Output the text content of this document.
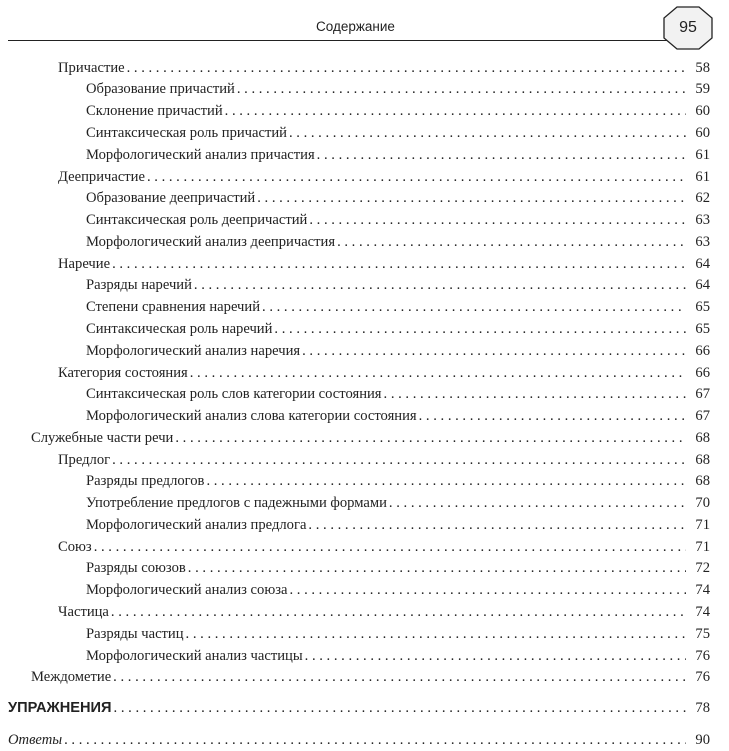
Содержание	95
Причастие . . .	58
Образование причастий . . .	59
Склонение причастий . . .	60
Синтаксическая роль причастий . . .	60
Морфологический анализ причастия . . .	61
Деепричастие . . .	61
Образование деепричастий . . .	62
Синтаксическая роль деепричастий . . .	63
Морфологический анализ деепричастия . . .	63
Наречие . . .	64
Разряды наречий . . .	64
Степени сравнения наречий . . .	65
Синтаксическая роль наречий . . .	65
Морфологический анализ наречия . . .	66
Категория состояния . . .	66
Синтаксическая роль слов категории состояния . . .	67
Морфологический анализ слова категории состояния . . .	67
Служебные части речи . . .	68
Предлог . . .	68
Разряды предлогов . . .	68
Употребление предлогов с падежными формами . . .	70
Морфологический анализ предлога . . .	71
Союз . . .	71
Разряды союзов . . .	72
Морфологический анализ союза . . .	74
Частица . . .	74
Разряды частиц . . .	75
Морфологический анализ частицы . . .	76
Междометие . . .	76
УПРАЖНЕНИЯ . . .	78
Ответы . . .	90
